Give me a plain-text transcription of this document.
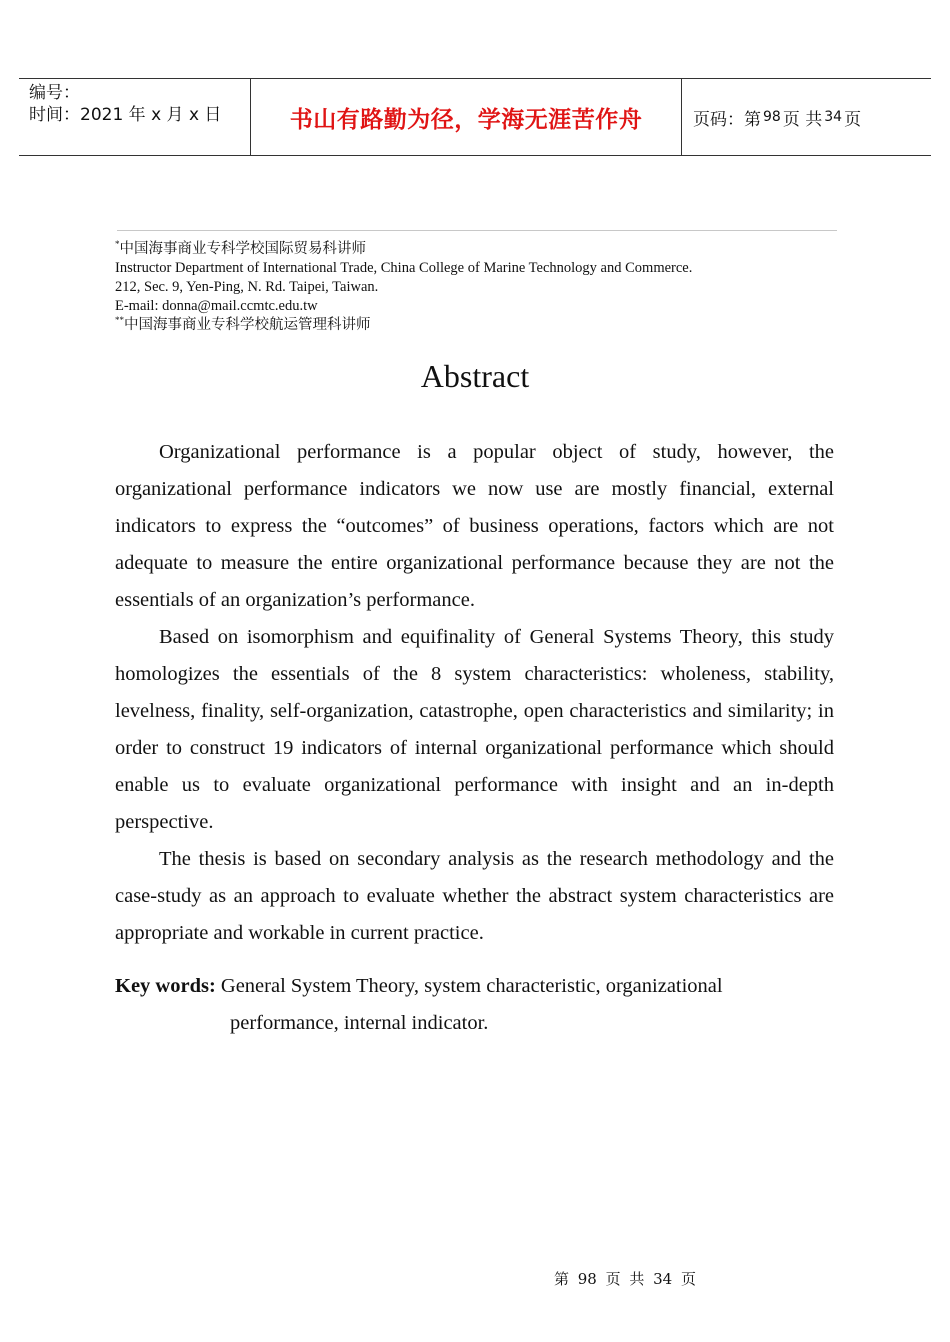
编号：
时间：2021 年 x 月 x 日	书山有路勤为径，学海无涯苦作舟	页码：第 98 页 共 34 页
*中国海事商业专科学校国际贸易科讲师
Instructor Department of International Trade, China College of Marine Technology and Commerce.
212, Sec. 9, Yen-Ping, N. Rd. Taipei, Taiwan.
E-mail: donna@mail.ccmtc.edu.tw
**中国海事商业专科学校航运管理科讲师
Abstract

Organizational performance is a popular object of study, however, the organizational performance indicators we now use are mostly financial, external indicators to express the “outcomes” of business operations, factors which are not adequate to measure the entire organizational performance because they are not the essentials of an organization’s performance.

Based on isomorphism and equifinality of General Systems Theory, this study homologizes the essentials of the 8 system characteristics: wholeness, stability, levelness, finality, self-organization, catastrophe, open characteristics and similarity; in order to construct 19 indicators of internal organizational performance which should enable us to evaluate organizational performance with insight and an in-depth perspective.

The thesis is based on secondary analysis as the research methodology and the case-study as an approach to evaluate whether the abstract system characteristics are appropriate and workable in current practice.

Key words: General System Theory, system characteristic, organizational
performance, internal indicator.
第 98 页 共 34 页
